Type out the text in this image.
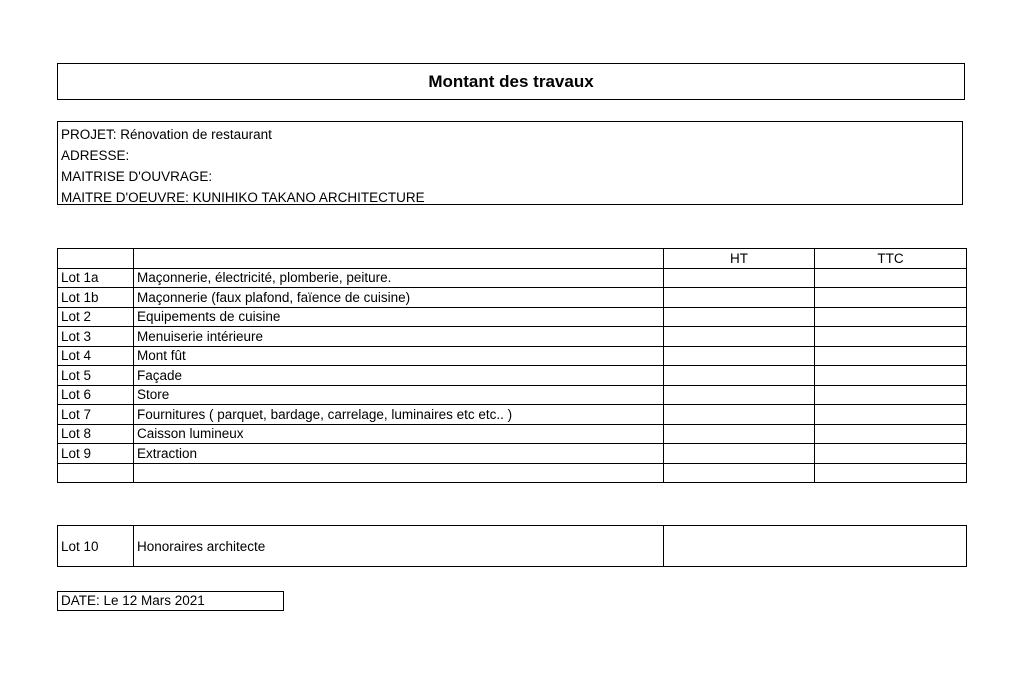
Montant des travaux
PROJET: Rénovation de restaurant
ADRESSE:
MAITRISE D'OUVRAGE:
MAITRE D'OEUVRE: KUNIHIKO TAKANO ARCHITECTURE
		HT	TTC
Lot 1a	Maçonnerie, électricité, plomberie, peiture.		
Lot 1b	Maçonnerie (faux plafond, faïence de cuisine)		
Lot 2	Equipements de cuisine		
Lot 3	Menuiserie intérieure		
Lot 4	Mont fût		
Lot 5	Façade		
Lot 6	Store		
Lot 7	Fournitures ( parquet, bardage, carrelage, luminaires etc etc.. )		
Lot 8	Caisson lumineux		
Lot 9	Extraction		

Lot 10	Honoraires architecte	
DATE: Le 12 Mars 2021
